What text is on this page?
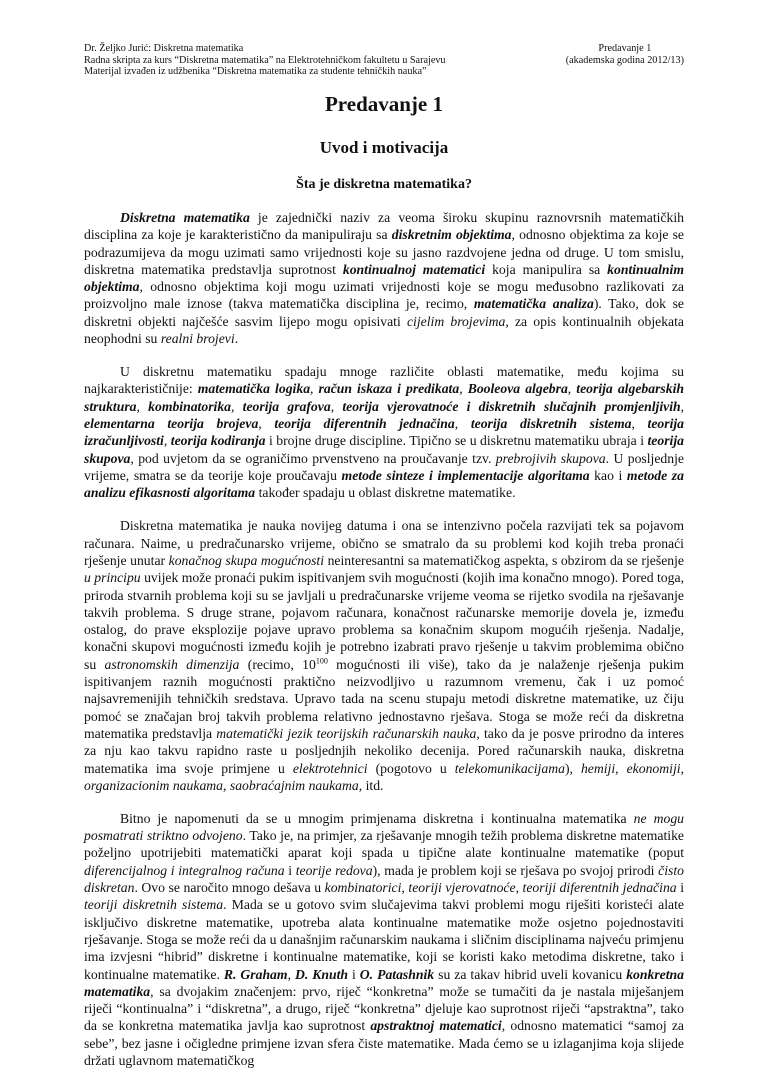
Dr. Željko Jurić: Diskretna matematika
Radna skripta za kurs “Diskretna matematika” na Elektrotehničkom fakultetu u Sarajevu
Materijal izvađen iz udžbenika “Diskretna matematika za studente tehničkih nauka”
Predavanje 1
(akademska godina 2012/13)
Predavanje 1
Uvod i motivacija
Šta je diskretna matematika?

Diskretna matematika je zajednički naziv za veoma široku skupinu raznovrsnih matematičkih disciplina za koje je karakteristično da manipuliraju sa diskretnim objektima, odnosno objektima za koje se podrazumijeva da mogu uzimati samo vrijednosti koje su jasno razdvojene jedna od druge. U tom smislu, diskretna matematika predstavlja suprotnost kontinualnoj matematici koja manipulira sa kontinualnim objektima, odnosno objektima koji mogu uzimati vrijednosti koje se mogu međusobno razlikovati za proizvoljno male iznose (takva matematička disciplina je, recimo, matematička analiza). Tako, dok se diskretni objekti najčešće sasvim lijepo mogu opisivati cijelim brojevima, za opis kontinualnih objekata neophodni su realni brojevi.

U diskretnu matematiku spadaju mnoge različite oblasti matematike, među kojima su najkarakterističnije: matematička logika, račun iskaza i predikata, Booleova algebra, teorija algebarskih struktura, kombinatorika, teorija grafova, teorija vjerovatnoće i diskretnih slučajnih promjenljivih, elementarna teorija brojeva, teorija diferentnih jednačina, teorija diskretnih sistema, teorija izračunljivosti, teorija kodiranja i brojne druge discipline. Tipično se u diskretnu matematiku ubraja i teorija skupova, pod uvjetom da se ograničimo prvenstveno na proučavanje tzv. prebrojivih skupova. U posljednje vrijeme, smatra se da teorije koje proučavaju metode sinteze i implementacije algoritama kao i metode za analizu efikasnosti algoritama također spadaju u oblast diskretne matematike.

Diskretna matematika je nauka novijeg datuma i ona se intenzivno počela razvijati tek sa pojavom računara. Naime, u predračunarsko vrijeme, obično se smatralo da su problemi kod kojih treba pronaći rješenje unutar konačnog skupa mogućnosti neinteresantni sa matematičkog aspekta, s obzirom da se rješenje u principu uvijek može pronaći pukim ispitivanjem svih mogućnosti (kojih ima konačno mnogo). Pored toga, priroda stvarnih problema koji su se javljali u predračunarske vrijeme veoma se rijetko svodila na rješavanje takvih problema. S druge strane, pojavom računara, konačnost računarske memorije dovela je, između ostalog, do prave eksplozije pojave upravo problema sa konačnim skupom mogućih rješenja. Nadalje, konačni skupovi mogućnosti između kojih je potrebno izabrati pravo rješenje u takvim problemima obično su astronomskih dimenzija (recimo, $10^{100}$ mogućnosti ili više), tako da je nalaženje rješenja pukim ispitivanjem raznih mogućnosti praktično neizvodljivo u razumnom vremenu, čak i uz pomoć najsavremenijih tehničkih sredstava. Upravo tada na scenu stupaju metodi diskretne matematike, uz čiju pomoć se značajan broj takvih problema relativno jednostavno rješava. Stoga se može reći da diskretna matematika predstavlja matematički jezik teorijskih računarskih nauka, tako da je posve prirodno da interes za nju kao takvu rapidno raste u posljednjih nekoliko decenija. Pored računarskih nauka, diskretna matematika ima svoje primjene u elektrotehnici (pogotovo u telekomunikacijama), hemiji, ekonomiji, organizacionim naukama, saobraćajnim naukama, itd.

Bitno je napomenuti da se u mnogim primjenama diskretna i kontinualna matematika ne mogu posmatrati striktno odvojeno. Tako je, na primjer, za rješavanje mnogih težih problema diskretne matematike poželjno upotrijebiti matematički aparat koji spada u tipične alate kontinualne matematike (poput diferencijalnog i integralnog računa i teorije redova), mada je problem koji se rješava po svojoj prirodi čisto diskretan. Ovo se naročito mnogo dešava u kombinatorici, teoriji vjerovatnoće, teoriji diferentnih jednačina i teoriji diskretnih sistema. Mada se u gotovo svim slučajevima takvi problemi mogu riješiti koristeći alate isključivo diskretne matematike, upotreba alata kontinualne matematike može osjetno pojednostaviti rješavanje. Stoga se može reći da u današnjim računarskim naukama i sličnim disciplinama najveću primjenu ima izvjesni “hibrid” diskretne i kontinualne matematike, koji se koristi kako metodima diskretne, tako i kontinualne matematike. R. Graham, D. Knuth i O. Patashnik su za takav hibrid uveli kovanicu konkretna matematika, sa dvojakim značenjem: prvo, riječ “konkretna” može se tumačiti da je nastala miješanjem riječi “kontinualna” i “diskretna”, a drugo, riječ “konkretna” djeluje kao suprotnost riječi “apstraktna”, tako da se konkretna matematika javlja kao suprotnost apstraktnoj matematici, odnosno matematici “samoj za sebe”, bez jasne i očigledne primjene izvan sfera čiste matematike. Mada ćemo se u izlaganjima koja slijede držati uglavnom matematičkog
